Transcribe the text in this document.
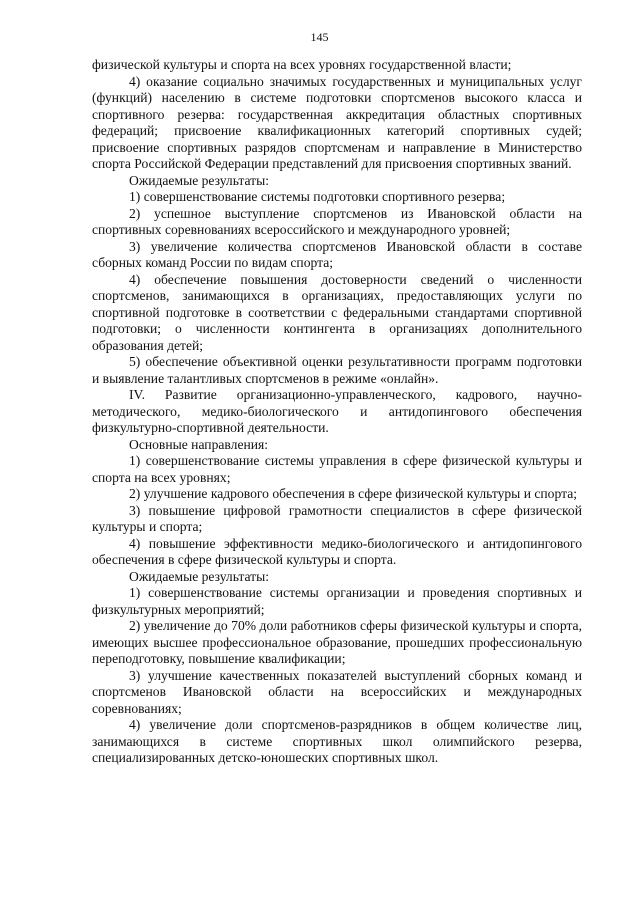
145

физической культуры и спорта на всех уровнях государственной власти;

4) оказание социально значимых государственных и муниципальных услуг (функций) населению в системе подготовки спортсменов высокого класса и спортивного резерва: государственная аккредитация областных спортивных федераций; присвоение квалификационных категорий спортивных судей; присвоение спортивных разрядов спортсменам и направление в Министерство спорта Российской Федерации представлений для присвоения спортивных званий.

Ожидаемые результаты:

1) совершенствование системы подготовки спортивного резерва;

2) успешное выступление спортсменов из Ивановской области на спортивных соревнованиях всероссийского и международного уровней;

3) увеличение количества спортсменов Ивановской области в составе сборных команд России по видам спорта;

4) обеспечение повышения достоверности сведений о численности спортсменов, занимающихся в организациях, предоставляющих услуги по спортивной подготовке в соответствии с федеральными стандартами спортивной подготовки; о численности контингента в организациях дополнительного образования детей;

5) обеспечение объективной оценки результативности программ подготовки и выявление талантливых спортсменов в режиме «онлайн».

IV. Развитие организационно-управленческого, кадрового, научно-методического, медико-биологического и антидопингового обеспечения физкультурно-спортивной деятельности.

Основные направления:

1) совершенствование системы управления в сфере физической культуры и спорта на всех уровнях;

2) улучшение кадрового обеспечения в сфере физической культуры и спорта;

3) повышение цифровой грамотности специалистов в сфере физической культуры и спорта;

4) повышение эффективности медико-биологического и антидопингового обеспечения в сфере физической культуры и спорта.

Ожидаемые результаты:

1) совершенствование системы организации и проведения спортивных и физкультурных мероприятий;

2) увеличение до 70% доли работников сферы физической культуры и спорта, имеющих высшее профессиональное образование, прошедших профессиональную переподготовку, повышение квалификации;

3) улучшение качественных показателей выступлений сборных команд и спортсменов Ивановской области на всероссийских и международных соревнованиях;

4) увеличение доли спортсменов-разрядников в общем количестве лиц, занимающихся в системе спортивных школ олимпийского резерва, специализированных детско-юношеских спортивных школ.
